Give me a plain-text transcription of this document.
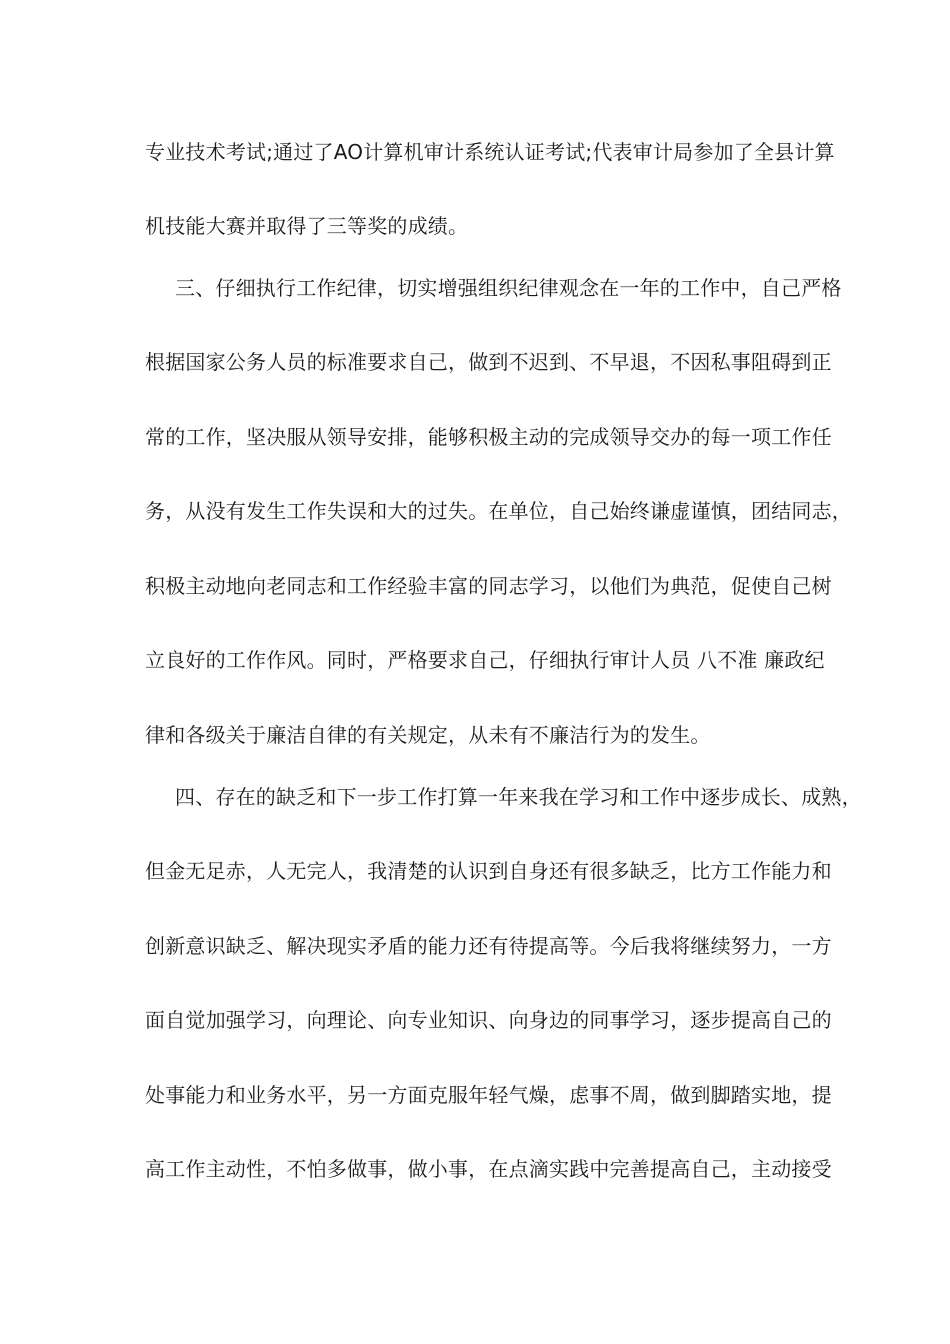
专业技术考试;通过了AO计算机审计系统认证考试;代表审计局参加了全县计算
机技能大赛并取得了三等奖的成绩。
三、仔细执行工作纪律，切实增强组织纪律观念在一年的工作中，自己严格
根据国家公务人员的标准要求自己，做到不迟到、不早退，不因私事阻碍到正
常的工作，坚决服从领导安排，能够积极主动的完成领导交办的每一项工作任
务，从没有发生工作失误和大的过失。在单位，自己始终谦虚谨慎，团结同志，
积极主动地向老同志和工作经验丰富的同志学习，以他们为典范，促使自己树
立良好的工作作风。同时，严格要求自己，仔细执行审计人员 八不准 廉政纪
律和各级关于廉洁自律的有关规定，从未有不廉洁行为的发生。
四、存在的缺乏和下一步工作打算一年来我在学习和工作中逐步成长、成熟，
但金无足赤，人无完人，我清楚的认识到自身还有很多缺乏，比方工作能力和
创新意识缺乏、解决现实矛盾的能力还有待提高等。今后我将继续努力，一方
面自觉加强学习，向理论、向专业知识、向身边的同事学习，逐步提高自己的
处事能力和业务水平，另一方面克服年轻气燥，虑事不周，做到脚踏实地，提
高工作主动性，不怕多做事，做小事，在点滴实践中完善提高自己，主动接受
